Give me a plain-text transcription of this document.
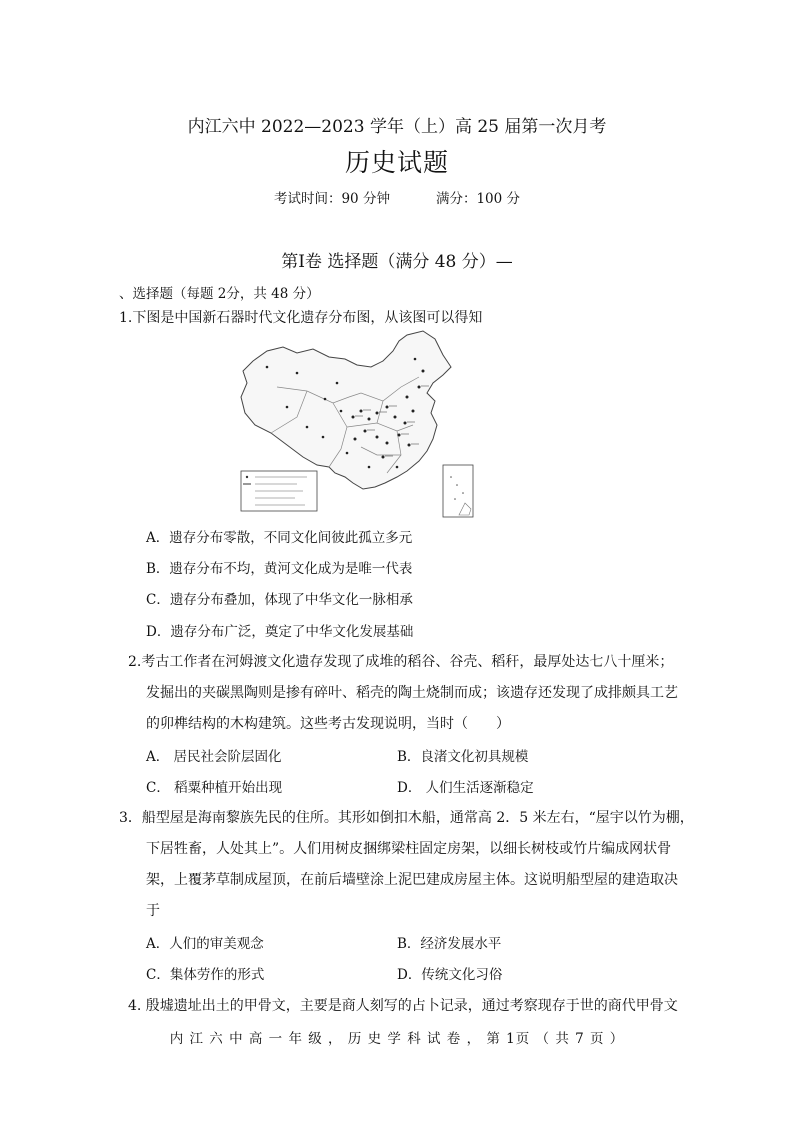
内江六中 2022—2023 学年（上）高 25 届第一次月考
历史试题
考试时间：90 分钟	满分：100 分
第Ⅰ卷 选择题（满分 48 分）—
、选择题（每题 2分，共 48 分）
1.下图是中国新石器时代文化遗存分布图，从该图可以得知
A．遗存分布零散，不同文化间彼此孤立多元
B．遗存分布不均，黄河文化成为是唯一代表
C．遗存分布叠加，体现了中华文化一脉相承
D．遗存分布广泛，奠定了中华文化发展基础
2.考古工作者在河姆渡文化遗存发现了成堆的稻谷、谷壳、稻秆，最厚处达七八十厘米；
发掘出的夹碳黑陶则是掺有碎叶、稻壳的陶土烧制而成；该遗存还发现了成排颇具工艺
的卯榫结构的木构建筑。这些考古发现说明，当时（　　）
A． 居民社会阶层固化	B．良渚文化初具规模
C． 稻粟种植开始出现	D． 人们生活逐渐稳定
3．船型屋是海南黎族先民的住所。其形如倒扣木船，通常高 2．5 米左右，“屋宇以竹为棚，
下居牲畜，人处其上”。人们用树皮捆绑梁柱固定房架，以细长树枝或竹片编成网状骨
架，上覆茅草制成屋顶，在前后墙壁涂上泥巴建成房屋主体。这说明船型屋的建造取决
于
A．人们的审美观念	B．经济发展水平
C．集体劳作的形式	D．传统文化习俗
4. 殷墟遗址出土的甲骨文，主要是商人刻写的占卜记录，通过考察现存于世的商代甲骨文
内 江 六 中 高 一 年 级 ， 历 史 学 科 试 卷 ， 第 1页 （ 共 7 页 ）
